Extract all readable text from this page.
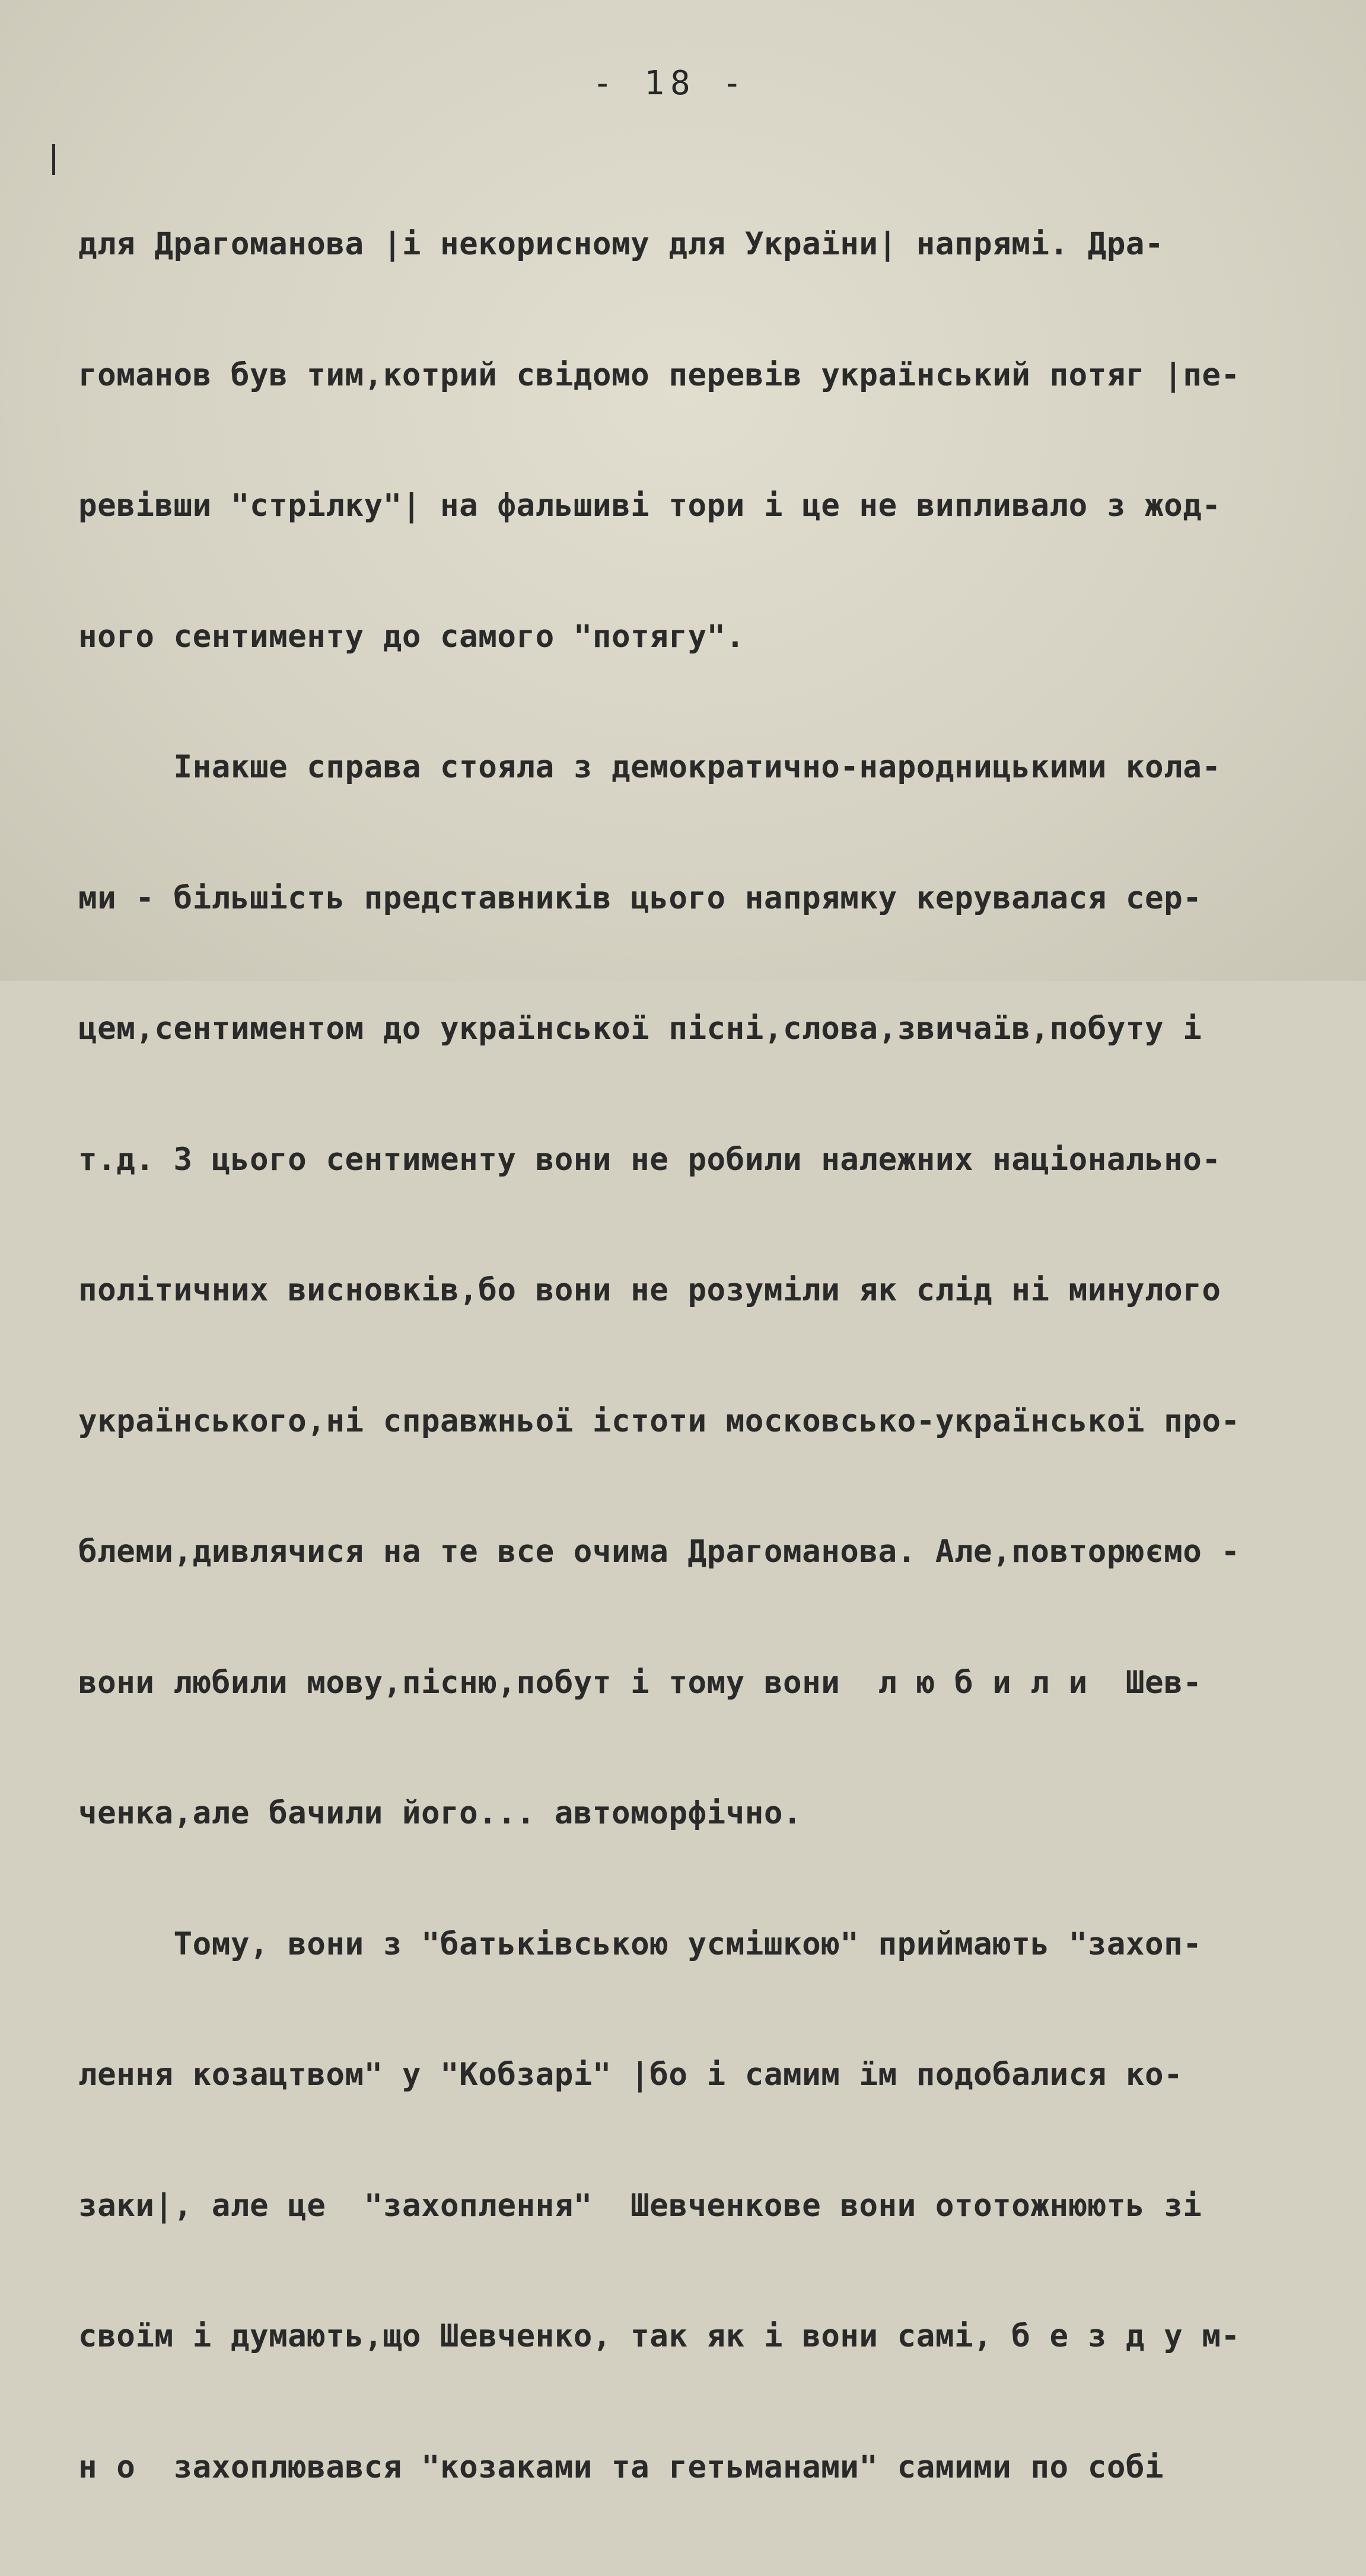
- 18 -

для Драгоманова |і некорисному для України| напрямі. Дра-

гоманов був тим,котрий свідомо перевів український потяг |пе-

ревівши "стрілку"| на фальшиві тори і це не випливало з жод-

ного сентименту до самого "потягу".

Інакше справа стояла з демократично-народницькими кола-

ми - більшість представників цього напрямку керувалася сер-

цем,сентиментом до української пісні,слова,звичаїв,побуту і

т.д. З цього сентименту вони не робили належних національно-

політичних висновків,бо вони не розуміли як слід ні минулого

українського,ні справжньої істоти московсько-української про-

блеми,дивлячися на те все очима Драгоманова. Але,повторюємо -

вони любили мову,пісню,побут і тому вони  л ю б и л и  Шев-

ченка,але бачили його... автоморфічно.

Тому, вони з "батьківською усмішкою" приймають "захоп-

лення козацтвом" у "Кобзарі" |бо і самим їм подобалися ко-

заки|, але це  "захоплення"  Шевченкове вони ототожнюють зі

своїм і думають,що Шевченко, так як і вони самі, б е з д у м-

н о  захоплювався "козаками та гетьманами" самими по собі
